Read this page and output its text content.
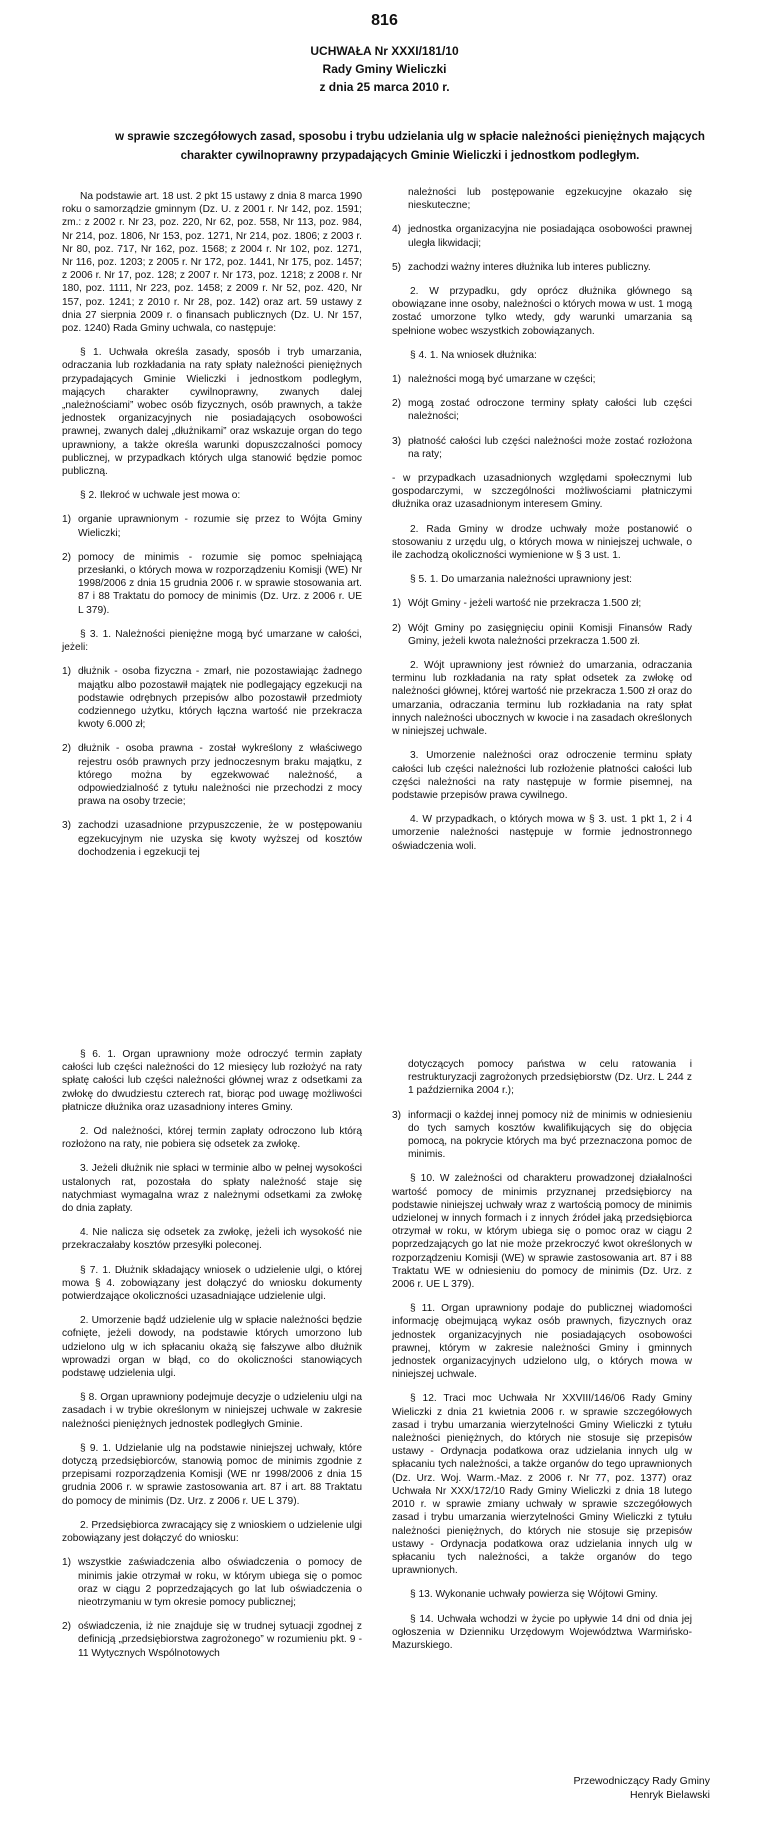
816
UCHWAŁA Nr XXXI/181/10
Rady Gminy Wieliczki
z dnia 25 marca 2010 r.
w sprawie szczegółowych zasad, sposobu i trybu udzielania ulg w spłacie należności pieniężnych mających charakter cywilnoprawny przypadających Gminie Wieliczki i jednostkom podległym.

Na podstawie art. 18 ust. 2 pkt 15 ustawy z dnia 8 marca 1990 roku o samorządzie gminnym (Dz. U. z 2001 r. Nr 142, poz. 1591; zm.: z 2002 r. Nr 23, poz. 220, Nr 62, poz. 558, Nr 113, poz. 984, Nr 214, poz. 1806, Nr 153, poz. 1271, Nr 214, poz. 1806; z 2003 r. Nr 80, poz. 717, Nr 162, poz. 1568; z 2004 r. Nr 102, poz. 1271, Nr 116, poz. 1203; z 2005 r. Nr 172, poz. 1441, Nr 175, poz. 1457; z 2006 r. Nr 17, poz. 128; z 2007 r. Nr 173, poz. 1218; z 2008 r. Nr 180, poz. 1111, Nr 223, poz. 1458; z 2009 r. Nr 52, poz. 420, Nr 157, poz. 1241; z 2010 r. Nr 28, poz. 142) oraz art. 59 ustawy z dnia 27 sierpnia 2009 r. o finansach publicznych (Dz. U. Nr 157, poz. 1240) Rada Gminy uchwala, co następuje:

§ 1. Uchwała określa zasady, sposób i tryb umarzania, odraczania lub rozkładania na raty spłaty należności pieniężnych przypadających Gminie Wieliczki i jednostkom podległym, mających charakter cywilnoprawny, zwanych dalej „należnościami” wobec osób fizycznych, osób prawnych, a także jednostek organizacyjnych nie posiadających osobowości prawnej, zwanych dalej „dłużnikami” oraz wskazuje organ do tego uprawniony, a także określa warunki dopuszczalności pomocy publicznej, w przypadkach których ulga stanowić będzie pomoc publiczną.

§ 2. Ilekroć w uchwale jest mowa o:

1) organie uprawnionym - rozumie się przez to Wójta Gminy Wieliczki;
2) pomocy de minimis - rozumie się pomoc spełniającą przesłanki, o których mowa w rozporządzeniu Komisji (WE) Nr 1998/2006 z dnia 15 grudnia 2006 r. w sprawie stosowania art. 87 i 88 Traktatu do pomocy de minimis (Dz. Urz. z 2006 r. UE L 379).

§ 3. 1. Należności pieniężne mogą być umarzane w całości, jeżeli:

1) dłużnik - osoba fizyczna - zmarł, nie pozostawiając żadnego majątku albo pozostawił majątek nie podlegający egzekucji na podstawie odrębnych przepisów albo pozostawił przedmioty codziennego użytku, których łączna wartość nie przekracza kwoty 6.000 zł;
2) dłużnik - osoba prawna - został wykreślony z właściwego rejestru osób prawnych przy jednoczesnym braku majątku, z którego można by egzekwować należność, a odpowiedzialność z tytułu należności nie przechodzi z mocy prawa na osoby trzecie;
3) zachodzi uzasadnione przypuszczenie, że w postępowaniu egzekucyjnym nie uzyska się kwoty wyższej od kosztów dochodzenia i egzekucji tej

należności lub postępowanie egzekucyjne okazało się nieskuteczne;

4) jednostka organizacyjna nie posiadająca osobowości prawnej uległa likwidacji;
5) zachodzi ważny interes dłużnika lub interes publiczny.

2. W przypadku, gdy oprócz dłużnika głównego są obowiązane inne osoby, należności o których mowa w ust. 1 mogą zostać umorzone tylko wtedy, gdy warunki umarzania są spełnione wobec wszystkich zobowiązanych.

§ 4. 1. Na wniosek dłużnika:

1) należności mogą być umarzane w części;
2) mogą zostać odroczone terminy spłaty całości lub części należności;
3) płatność całości lub części należności może zostać rozłożona na raty;

- w przypadkach uzasadnionych względami społecznymi lub gospodarczymi, w szczególności możliwościami płatniczymi dłużnika oraz uzasadnionym interesem Gminy.

2. Rada Gminy w drodze uchwały może postanowić o stosowaniu z urzędu ulg, o których mowa w niniejszej uchwale, o ile zachodzą okoliczności wymienione w § 3 ust. 1.

§ 5. 1. Do umarzania należności uprawniony jest:

1) Wójt Gminy - jeżeli wartość nie przekracza 1.500 zł;
2) Wójt Gminy po zasięgnięciu opinii Komisji Finansów Rady Gminy, jeżeli kwota należności przekracza 1.500 zł.

2. Wójt uprawniony jest również do umarzania, odraczania terminu lub rozkładania na raty spłat odsetek za zwłokę od należności głównej, której wartość nie przekracza 1.500 zł oraz do umarzania, odraczania terminu lub rozkładania na raty spłat innych należności ubocznych w kwocie i na zasadach określonych w niniejszej uchwale.

3. Umorzenie należności oraz odroczenie terminu spłaty całości lub części należności lub rozłożenie płatności całości lub części należności na raty następuje w formie pisemnej, na podstawie przepisów prawa cywilnego.

4. W przypadkach, o których mowa w § 3. ust. 1 pkt 1, 2 i 4 umorzenie należności następuje w formie jednostronnego oświadczenia woli.

§ 6. 1. Organ uprawniony może odroczyć termin zapłaty całości lub części należności do 12 miesięcy lub rozłożyć na raty spłatę całości lub części należności głównej wraz z odsetkami za zwłokę do dwudziestu czterech rat, biorąc pod uwagę możliwości płatnicze dłużnika oraz uzasadniony interes Gminy.

2. Od należności, której termin zapłaty odroczono lub którą rozłożono na raty, nie pobiera się odsetek za zwłokę.

3. Jeżeli dłużnik nie spłaci w terminie albo w pełnej wysokości ustalonych rat, pozostała do spłaty należność staje się natychmiast wymagalna wraz z należnymi odsetkami za zwłokę do dnia zapłaty.

4. Nie nalicza się odsetek za zwłokę, jeżeli ich wysokość nie przekraczałaby kosztów przesyłki poleconej.

§ 7. 1. Dłużnik składający wniosek o udzielenie ulgi, o której mowa § 4. zobowiązany jest dołączyć do wniosku dokumenty potwierdzające okoliczności uzasadniające udzielenie ulgi.

2. Umorzenie bądź udzielenie ulg w spłacie należności będzie cofnięte, jeżeli dowody, na podstawie których umorzono lub udzielono ulg w ich spłacaniu okażą się fałszywe albo dłużnik wprowadzi organ w błąd, co do okoliczności stanowiących podstawę udzielenia ulgi.

§ 8. Organ uprawniony podejmuje decyzje o udzieleniu ulgi na zasadach i w trybie określonym w niniejszej uchwale w zakresie należności pieniężnych jednostek podległych Gminie.

§ 9. 1. Udzielanie ulg na podstawie niniejszej uchwały, które dotyczą przedsiębiorców, stanowią pomoc de minimis zgodnie z przepisami rozporządzenia Komisji (WE nr 1998/2006 z dnia 15 grudnia 2006 r. w sprawie zastosowania art. 87 i art. 88 Traktatu do pomocy de minimis (Dz. Urz. z 2006 r. UE L 379).

2. Przedsiębiorca zwracający się z wnioskiem o udzielenie ulgi zobowiązany jest dołączyć do wniosku:

1) wszystkie zaświadczenia albo oświadczenia o pomocy de minimis jakie otrzymał w roku, w którym ubiega się o pomoc oraz w ciągu 2 poprzedzających go lat lub oświadczenia o nieotrzymaniu w tym okresie pomocy publicznej;
2) oświadczenia, iż nie znajduje się w trudnej sytuacji zgodnej z definicją „przedsiębiorstwa zagrożonego” w rozumieniu pkt. 9 - 11 Wytycznych Wspólnotowych

dotyczących pomocy państwa w celu ratowania i restrukturyzacji zagrożonych przedsiębiorstw (Dz. Urz. L 244 z 1 października 2004 r.);

3) informacji o każdej innej pomocy niż de minimis w odniesieniu do tych samych kosztów kwalifikujących się do objęcia pomocą, na pokrycie których ma być przeznaczona pomoc de minimis.

§ 10. W zależności od charakteru prowadzonej działalności wartość pomocy de minimis przyznanej przedsiębiorcy na podstawie niniejszej uchwały wraz z wartością pomocy de minimis udzielonej w innych formach i z innych źródeł jaką przedsiębiorca otrzymał w roku, w którym ubiega się o pomoc oraz w ciągu 2 poprzedzających go lat nie może przekroczyć kwot określonych w rozporządzeniu Komisji (WE) w sprawie zastosowania art. 87 i 88 Traktatu WE w odniesieniu do pomocy de minimis (Dz. Urz. z 2006 r. UE L 379).

§ 11. Organ uprawniony podaje do publicznej wiadomości informację obejmującą wykaz osób prawnych, fizycznych oraz jednostek organizacyjnych nie posiadających osobowości prawnej, którym w zakresie należności Gminy i gminnych jednostek organizacyjnych udzielono ulg, o których mowa w niniejszej uchwale.

§ 12. Traci moc Uchwała Nr XXVIII/146/06 Rady Gminy Wieliczki z dnia 21 kwietnia 2006 r. w sprawie szczegółowych zasad i trybu umarzania wierzytelności Gminy Wieliczki z tytułu należności pieniężnych, do których nie stosuje się przepisów ustawy - Ordynacja podatkowa oraz udzielania innych ulg w spłacaniu tych należności, a także organów do tego uprawnionych (Dz. Urz. Woj. Warm.-Maz. z 2006 r. Nr 77, poz. 1377) oraz Uchwała Nr XXX/172/10 Rady Gminy Wieliczki z dnia 18 lutego 2010 r. w sprawie zmiany uchwały w sprawie szczegółowych zasad i trybu umarzania wierzytelności Gminy Wieliczki z tytułu należności pieniężnych, do których nie stosuje się przepisów ustawy - Ordynacja podatkowa oraz udzielania innych ulg w spłacaniu tych należności, a także organów do tego uprawnionych.

§ 13. Wykonanie uchwały powierza się Wójtowi Gminy.

§ 14. Uchwała wchodzi w życie po upływie 14 dni od dnia jej ogłoszenia w Dzienniku Urzędowym Województwa Warmińsko-Mazurskiego.

Przewodniczący Rady Gminy
Henryk Bielawski
